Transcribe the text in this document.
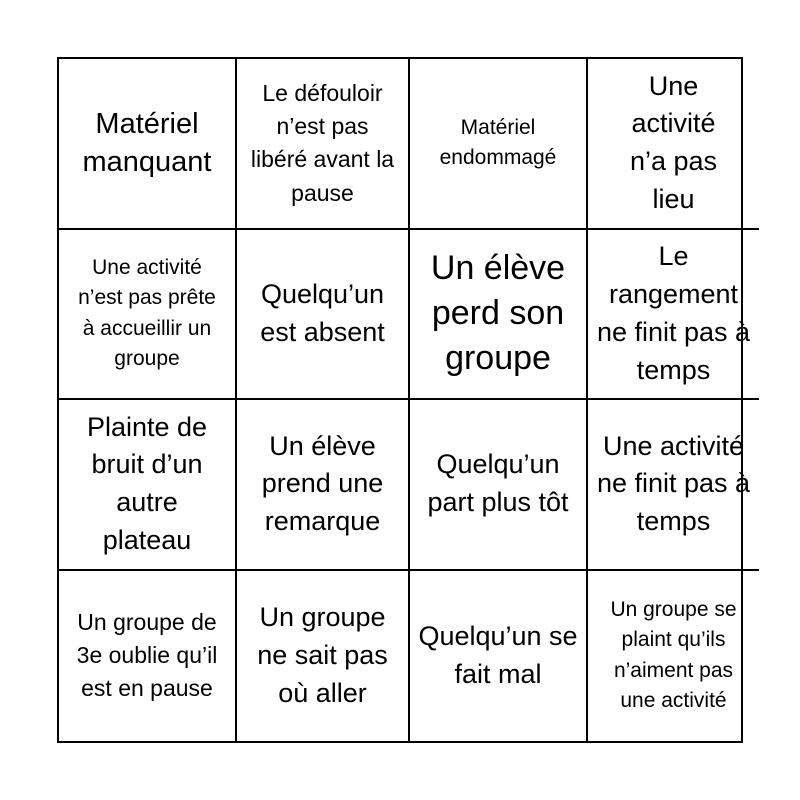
Matériel manquant
Le défouloir n’est pas libéré avant la pause
Matériel endommagé
Une activité n’a pas lieu
Une activité n’est pas prête à accueillir un groupe
Quelqu’un est absent
Un élève perd son groupe
Le rangement ne finit pas à temps
Plainte de bruit d’un autre plateau
Un élève prend une remarque
Quelqu’un part plus tôt
Une activité ne finit pas à temps
Un groupe de 3e oublie qu’il est en pause
Un groupe ne sait pas où aller
Quelqu’un se fait mal
Un groupe se plaint qu’ils n’aiment pas une activité
